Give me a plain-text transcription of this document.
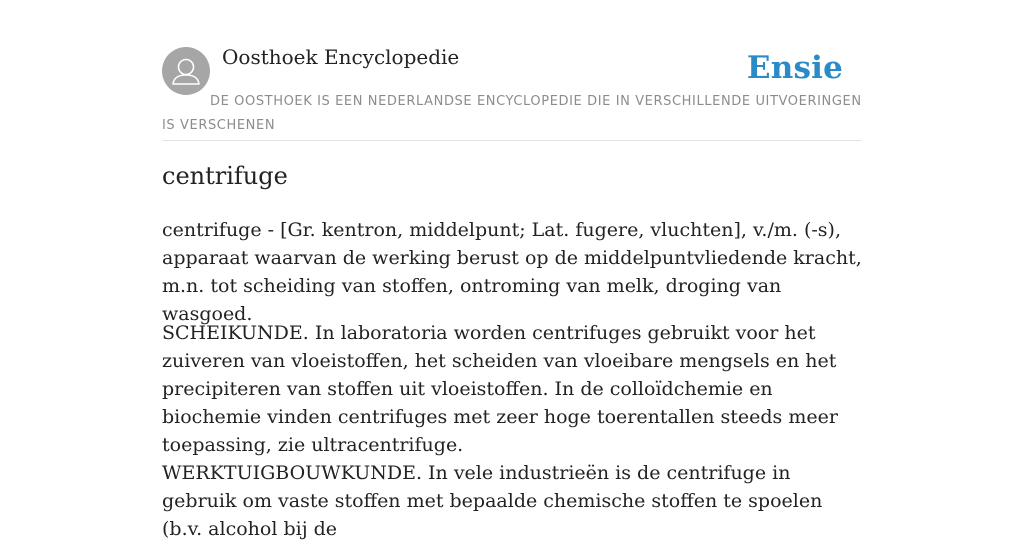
Oosthoek Encyclopedie	Ensie
DE OOSTHOEK IS EEN NEDERLANDSE ENCYCLOPEDIE DIE IN VERSCHILLENDE UITVOERINGEN IS VERSCHENEN
centrifuge

centrifuge - [Gr. kentron, middelpunt; Lat. fugere, vluchten], v./m. (-s), apparaat waarvan de werking berust op de middelpuntvliedende kracht, m.n. tot scheiding van stoffen, ontroming van melk, droging van wasgoed.

SCHEIKUNDE. In laboratoria worden centrifuges gebruikt voor het zuiveren van vloeistoffen, het scheiden van vloeibare mengsels en het precipiteren van stoffen uit vloeistoffen. In de colloïdchemie en biochemie vinden centrifuges met zeer hoge toerentallen steeds meer toepassing, zie ultracentrifuge.

WERKTUIGBOUWKUNDE. In vele industrieën is de centrifuge in gebruik om vaste stoffen met bepaalde chemische stoffen te spoelen (b.v. alcohol bij de
